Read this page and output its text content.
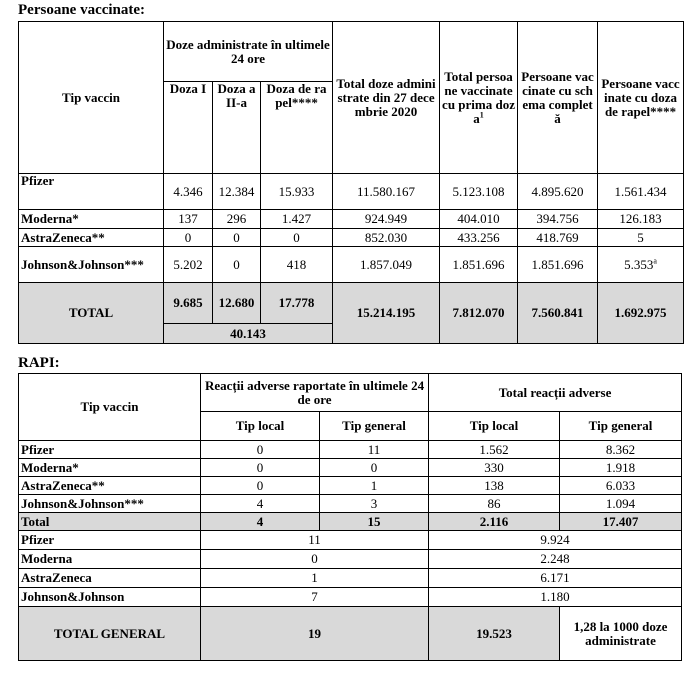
Persoane vaccinate:
Tip vaccin	Doze administrate în ultimele 24 ore			Total doze administrate din 27 decembrie 2020	Total persoane vaccinate cu prima doza$^1$	Persoane vaccinate cu schema completă	Persoane vaccinate cu doza de rapel****
	Doza I	Doza a II-a	Doza de rapel****				
Pfizer	4.346	12.384	15.933	11.580.167	5.123.108	4.895.620	1.561.434
Moderna*	137	296	1.427	924.949	404.010	394.756	126.183
AstraZeneca**	0	0	0	852.030	433.256	418.769	5
Johnson&Johnson***	5.202	0	418	1.857.049	1.851.696	1.851.696	5.353$^a$
TOTAL	9.685	12.680	17.778	15.214.195	7.812.070	7.560.841	1.692.975
	40.143						
RAPI:
Tip vaccin	Reacții adverse raportate în ultimele 24 de ore		Total reacții adverse	
	Tip local	Tip general	Tip local	Tip general
Pfizer	0	11	1.562	8.362
Moderna*	0	0	330	1.918
AstraZeneca**	0	1	138	6.033
Johnson&Johnson***	4	3	86	1.094
Total	4	15	2.116	17.407
Pfizer	11		9.924	
Moderna	0		2.248	
AstraZeneca	1		6.171	
Johnson&Johnson	7		1.180	
TOTAL GENERAL	19		19.523	1,28 la 1000 doze administrate
